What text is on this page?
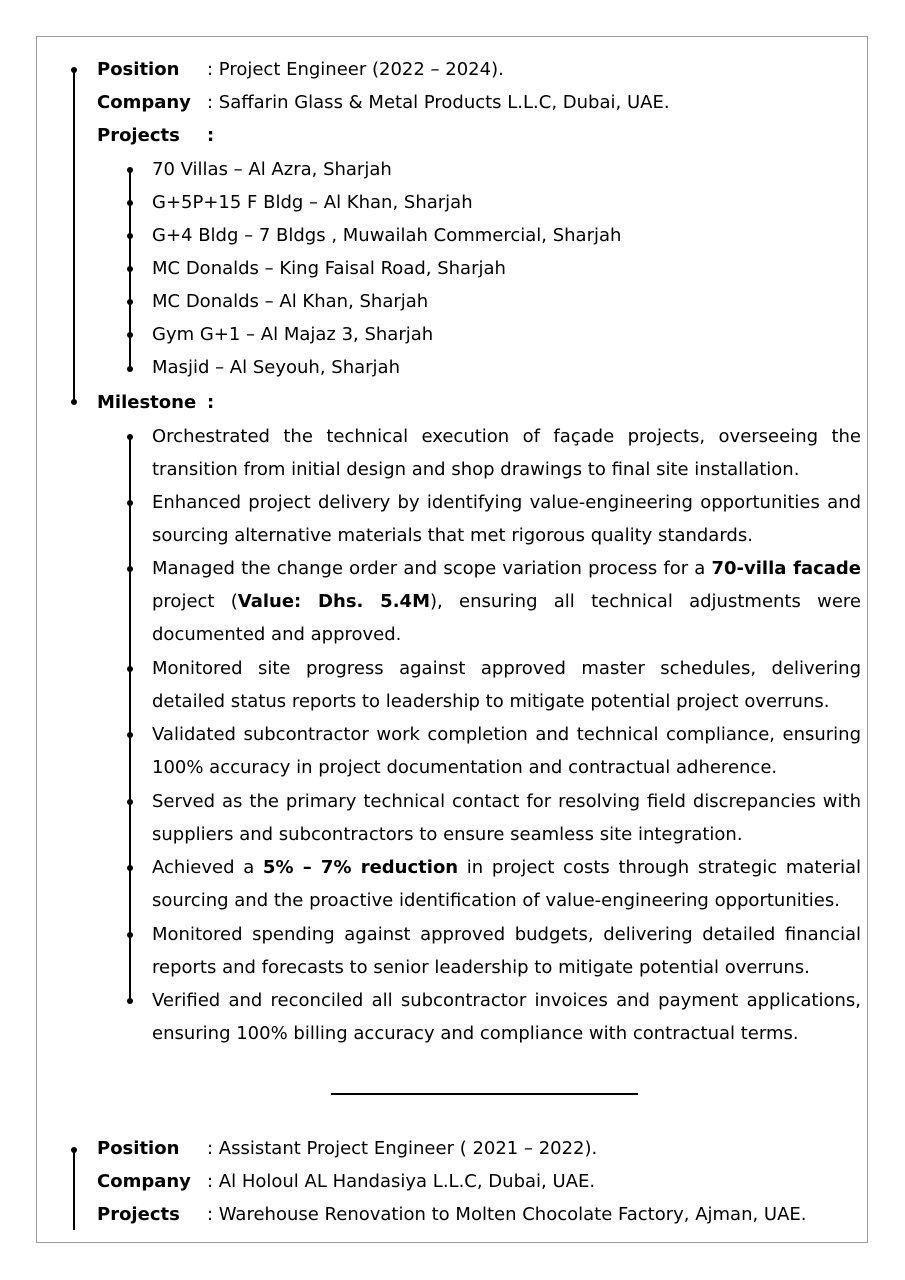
Position : Project Engineer (2022 – 2024).
Company : Saffarin Glass & Metal Products L.L.C, Dubai, UAE.
Projects :
70 Villas – Al Azra, Sharjah
G+5P+15 F Bldg – Al Khan, Sharjah
G+4 Bldg – 7 Bldgs , Muwailah Commercial, Sharjah
MC Donalds – King Faisal Road, Sharjah
MC Donalds – Al Khan, Sharjah
Gym G+1 – Al Majaz 3, Sharjah
Masjid – Al Seyouh, Sharjah
Milestone :
Orchestrated the technical execution of façade projects, overseeing the transition from initial design and shop drawings to final site installation.
Enhanced project delivery by identifying value-engineering opportunities and sourcing alternative materials that met rigorous quality standards.
Managed the change order and scope variation process for a 70-villa facade project (Value: Dhs. 5.4M), ensuring all technical adjustments were documented and approved.
Monitored site progress against approved master schedules, delivering detailed status reports to leadership to mitigate potential project overruns.
Validated subcontractor work completion and technical compliance, ensuring 100% accuracy in project documentation and contractual adherence.
Served as the primary technical contact for resolving field discrepancies with suppliers and subcontractors to ensure seamless site integration.
Achieved a 5% – 7% reduction in project costs through strategic material sourcing and the proactive identification of value-engineering opportunities.
Monitored spending against approved budgets, delivering detailed financial reports and forecasts to senior leadership to mitigate potential overruns.
Verified and reconciled all subcontractor invoices and payment applications, ensuring 100% billing accuracy and compliance with contractual terms.
Position : Assistant Project Engineer ( 2021 – 2022).
Company : Al Holoul AL Handasiya L.L.C, Dubai, UAE.
Projects : Warehouse Renovation to Molten Chocolate Factory, Ajman, UAE.
